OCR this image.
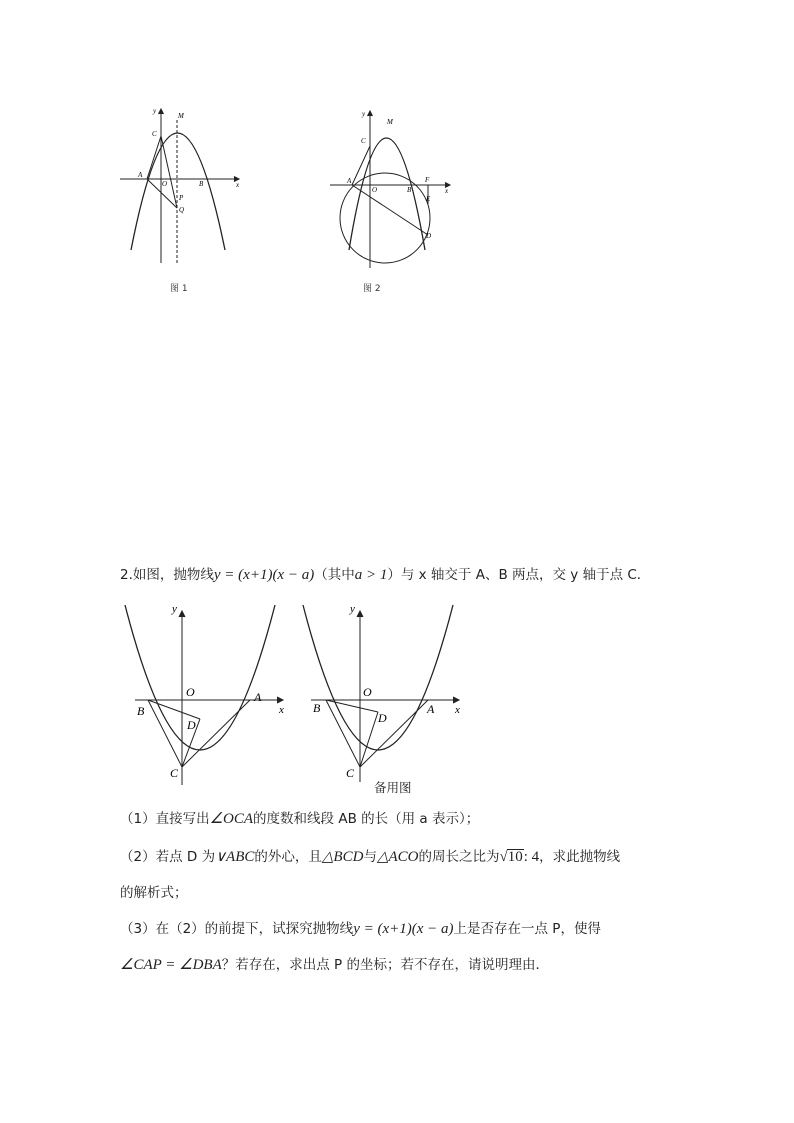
y
M
C
A
O	B	x
P
Q
图 1
y
M
C
A
O	B
F
x
E
D
图 2
2.如图，抛物线y = (x+1)(x − a)（其中a > 1）与 x 轴交于 A、B 两点，交 y 轴于点 C．
y
O	A
x
B
D
C
y
O
A x
B
D
C
备用图
（1）直接写出∠OCA的度数和线段 AB 的长（用 a 表示）；
（2）若点 D 为∨ABC的外心，且△BCD与△ACO的周长之比为√10: 4，求此抛物线
的解析式；
（3）在（2）的前提下，试探究抛物线y = (x+1)(x − a)上是否存在一点 P，使得
∠CAP = ∠DBA？若存在，求出点 P 的坐标；若不存在，请说明理由．
